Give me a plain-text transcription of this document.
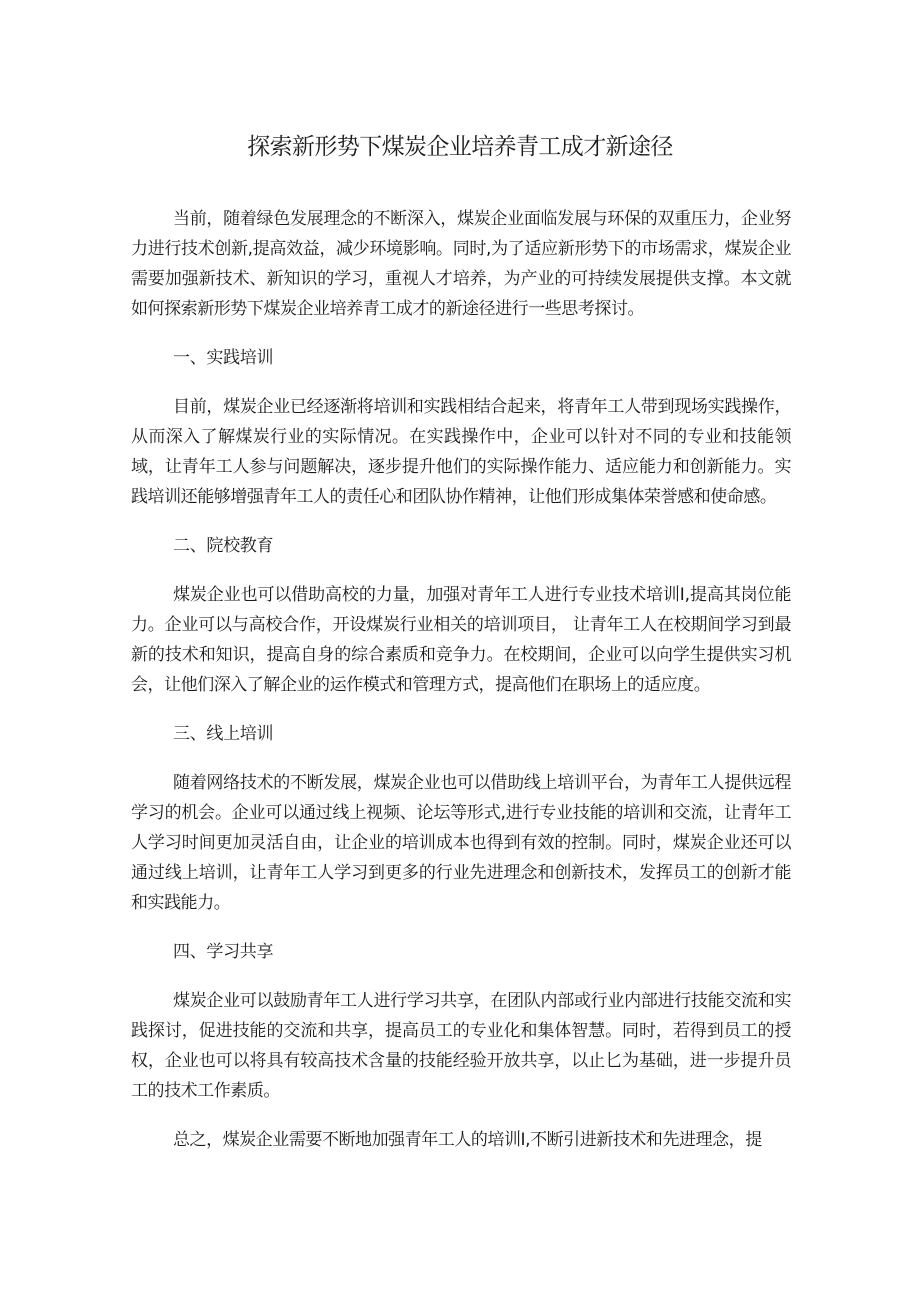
探索新形势下煤炭企业培养青工成才新途径

当前，随着绿色发展理念的不断深入，煤炭企业面临发展与环保的双重压力，企业努力进行技术创新,提高效益，减少环境影响。同时,为了适应新形势下的市场需求，煤炭企业需要加强新技术、新知识的学习，重视人才培养，为产业的可持续发展提供支撑。本文就如何探索新形势下煤炭企业培养青工成才的新途径进行一些思考探讨。

一、实践培训

目前，煤炭企业已经逐渐将培训和实践相结合起来，将青年工人带到现场实践操作，从而深入了解煤炭行业的实际情况。在实践操作中，企业可以针对不同的专业和技能领域，让青年工人参与问题解决，逐步提升他们的实际操作能力、适应能力和创新能力。实践培训还能够增强青年工人的责任心和团队协作精神，让他们形成集体荣誉感和使命感。

二、院校教育

煤炭企业也可以借助高校的力量，加强对青年工人进行专业技术培训Ⅰ,提高其岗位能力。企业可以与高校合作，开设煤炭行业相关的培训项目， 让青年工人在校期间学习到最新的技术和知识，提高自身的综合素质和竞争力。在校期间，企业可以向学生提供实习机会，让他们深入了解企业的运作模式和管理方式，提高他们在职场上的适应度。

三、线上培训

随着网络技术的不断发展，煤炭企业也可以借助线上培训平台，为青年工人提供远程学习的机会。企业可以通过线上视频、论坛等形式,进行专业技能的培训和交流，让青年工人学习时间更加灵活自由，让企业的培训成本也得到有效的控制。同时，煤炭企业还可以通过线上培训，让青年工人学习到更多的行业先进理念和创新技术，发挥员工的创新才能和实践能力。

四、学习共享

煤炭企业可以鼓励青年工人进行学习共享，在团队内部或行业内部进行技能交流和实践探讨，促进技能的交流和共享，提高员工的专业化和集体智慧。同时，若得到员工的授权，企业也可以将具有较高技术含量的技能经验开放共享，以止匕为基础，进一步提升员工的技术工作素质。

总之，煤炭企业需要不断地加强青年工人的培训Ⅰ,不断引进新技术和先进理念，提
